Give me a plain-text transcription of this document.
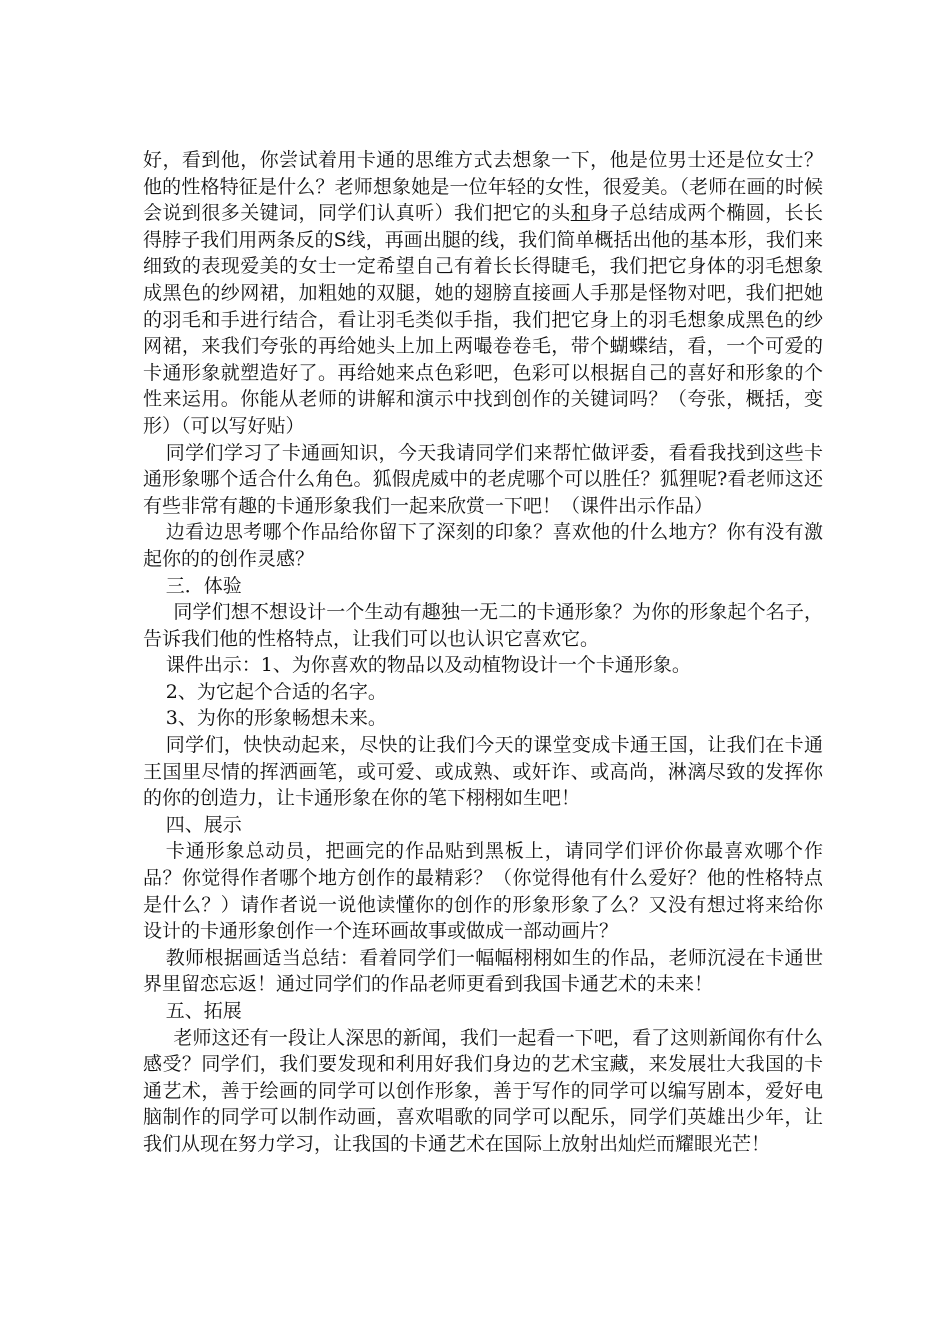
好，看到他，你尝试着用卡通的思维方式去想象一下，他是位男士还是位女士？他的性格特征是什么？老师想象她是一位年轻的女性，很爱美。（老师在画的时候会说到很多关键词，同学们认真听）我们把它的头和身子总结成两个椭圆，长长得脖子我们用两条反的S线，再画出腿的线，我们简单概括出他的基本形，我们来细致的表现爱美的女士一定希望自己有着长长得睫毛，我们把它身体的羽毛想象成黑色的纱网裙，加粗她的双腿，她的翅膀直接画人手那是怪物对吧，我们把她的羽毛和手进行结合，看让羽毛类似手指，我们把它身上的羽毛想象成黑色的纱网裙，来我们夸张的再给她头上加上两嘬卷卷毛，带个蝴蝶结，看，一个可爱的卡通形象就塑造好了。再给她来点色彩吧，色彩可以根据自己的喜好和形象的个性来运用。你能从老师的讲解和演示中找到创作的关键词吗？（夸张，概括，变形）（可以写好贴）

同学们学习了卡通画知识，今天我请同学们来帮忙做评委，看看我找到这些卡通形象哪个适合什么角色。狐假虎威中的老虎哪个可以胜任？狐狸呢?看老师这还有些非常有趣的卡通形象我们一起来欣赏一下吧！（课件出示作品）

边看边思考哪个作品给你留下了深刻的印象？喜欢他的什么地方？你有没有激起你的的创作灵感？

三．体验

同学们想不想设计一个生动有趣独一无二的卡通形象？为你的形象起个名子，告诉我们他的性格特点，让我们可以也认识它喜欢它。

课件出示：1、为你喜欢的物品以及动植物设计一个卡通形象。

2、为它起个合适的名字。

3、为你的形象畅想未来。

同学们，快快动起来，尽快的让我们今天的课堂变成卡通王国，让我们在卡通王国里尽情的挥洒画笔，或可爱、或成熟、或奸诈、或高尚，淋漓尽致的发挥你的你的创造力，让卡通形象在你的笔下栩栩如生吧！

四、展示

卡通形象总动员，把画完的作品贴到黑板上，请同学们评价你最喜欢哪个作品？你觉得作者哪个地方创作的最精彩？（你觉得他有什么爱好？他的性格特点是什么？）请作者说一说他读懂你的创作的形象形象了么？又没有想过将来给你设计的卡通形象创作一个连环画故事或做成一部动画片？

教师根据画适当总结：看着同学们一幅幅栩栩如生的作品，老师沉浸在卡通世界里留恋忘返！通过同学们的作品老师更看到我国卡通艺术的未来！

五、拓展

老师这还有一段让人深思的新闻，我们一起看一下吧，看了这则新闻你有什么感受？同学们，我们要发现和利用好我们身边的艺术宝藏，来发展壮大我国的卡通艺术，善于绘画的同学可以创作形象，善于写作的同学可以编写剧本，爱好电脑制作的同学可以制作动画，喜欢唱歌的同学可以配乐，同学们英雄出少年，让我们从现在努力学习，让我国的卡通艺术在国际上放射出灿烂而耀眼光芒！
